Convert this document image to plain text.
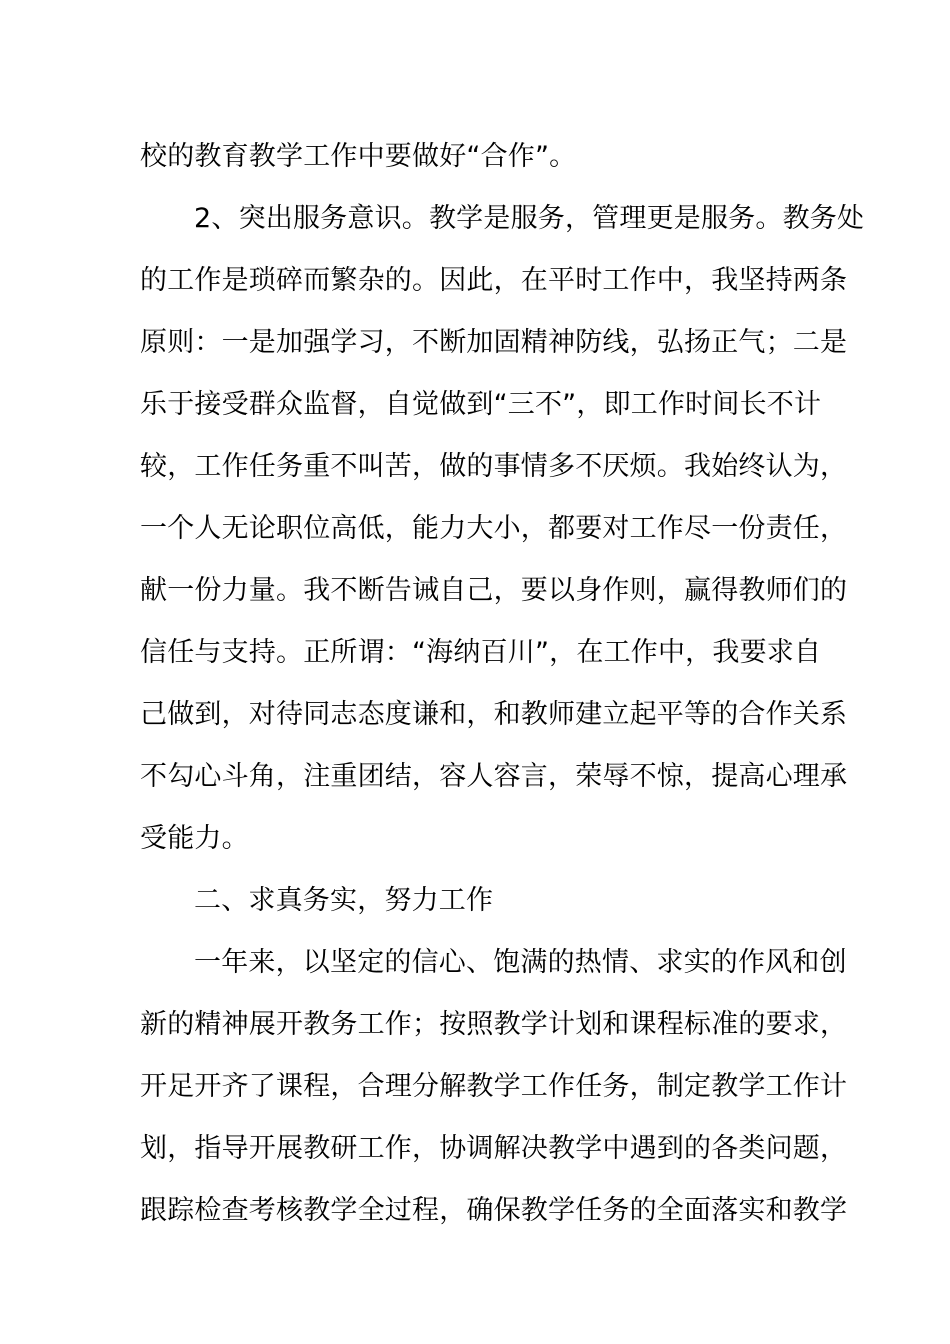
校的教育教学工作中要做好“合作”。
2、突出服务意识。教学是服务，管理更是服务。教务处
的工作是琐碎而繁杂的。因此，在平时工作中，我坚持两条
原则：一是加强学习，不断加固精神防线，弘扬正气；二是
乐于接受群众监督，自觉做到“三不”，即工作时间长不计
较，工作任务重不叫苦，做的事情多不厌烦。我始终认为，
一个人无论职位高低，能力大小，都要对工作尽一份责任，
献一份力量。我不断告诫自己，要以身作则，赢得教师们的
信任与支持。正所谓：“海纳百川”，在工作中，我要求自
己做到，对待同志态度谦和，和教师建立起平等的合作关系
不勾心斗角，注重团结，容人容言，荣辱不惊，提高心理承
受能力。
二、求真务实，努力工作
一年来，以坚定的信心、饱满的热情、求实的作风和创
新的精神展开教务工作；按照教学计划和课程标准的要求，
开足开齐了课程，合理分解教学工作任务，制定教学工作计
划，指导开展教研工作，协调解决教学中遇到的各类问题，
跟踪检查考核教学全过程，确保教学任务的全面落实和教学
